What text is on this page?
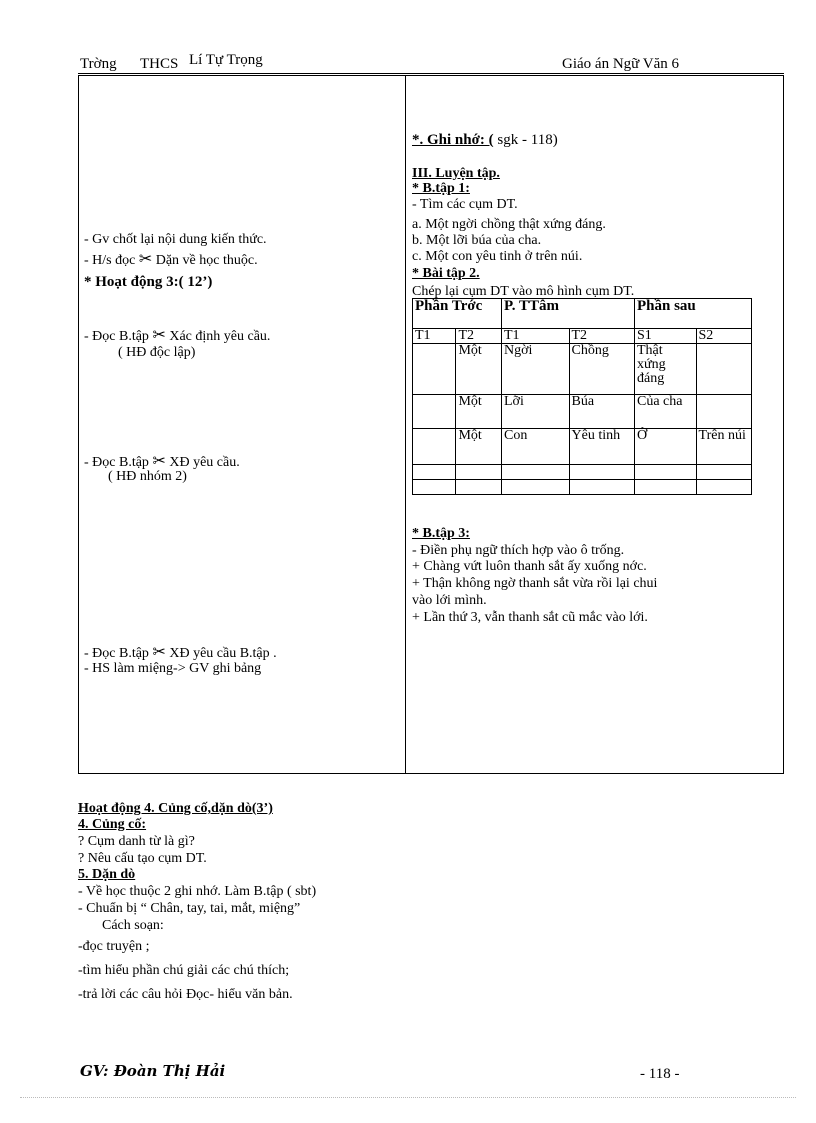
Trờng THCS Lí Tự Trọng	Giáo án Ngữ Văn 6
- Gv chốt lại nội dung kiến thức.
- H/s đọc ✂ Dặn về học thuộc.
* Hoạt động 3:( 12’)
- Đọc B.tập ✂ Xác định yêu cầu.
( HĐ độc lập)
- Đọc B.tập ✂ XĐ yêu cầu.
( HĐ nhóm 2)
- Đọc B.tập ✂ XĐ yêu cầu B.tập .
- HS làm miệng-> GV ghi bảng
*. Ghi nhớ: ( sgk - 118)
III. Luyện tập.
* B.tập 1:
- Tìm các cụm DT.
a. Một ngời chồng thật xứng đáng.
b. Một lỡi búa của cha.
c. Một con yêu tinh ở trên núi.
* Bài tập 2.
Chép lại cụm DT vào mô hình cụm DT.
Phần Trớc		P. TTâm		Phần sau	
T1	T2	T1	T2	S1	S2
	Một	Ngời	Chồng	Thật xứng đáng	
	Một	Lỡi	Búa	Của cha	
	Một	Con	Yêu tinh	Ở	Trên núi

* B.tập 3:
- Điền phụ ngữ thích hợp vào ô trống.
+ Chàng vứt luôn thanh sắt ấy xuống nớc.
+ Thận không ngờ thanh sắt vừa rồi lại chui
vào lới mình.
+ Lần thứ 3, vẫn thanh sắt cũ mắc vào lới.
Hoạt động 4. Củng cố,dặn dò(3’)
4. Củng cố:
? Cụm danh từ là gì?
? Nêu cấu tạo cụm DT.
5. Dặn dò
- Về học thuộc 2 ghi nhớ. Làm B.tập ( sbt)
- Chuẩn bị “ Chân, tay, tai, mắt, miệng”
Cách soạn:
-đọc truyện ;
-tìm hiểu phần chú giải các chú thích;
-trả lời các câu hỏi Đọc- hiểu văn bản.
GV: Đoàn Thị Hải	- 118 -
